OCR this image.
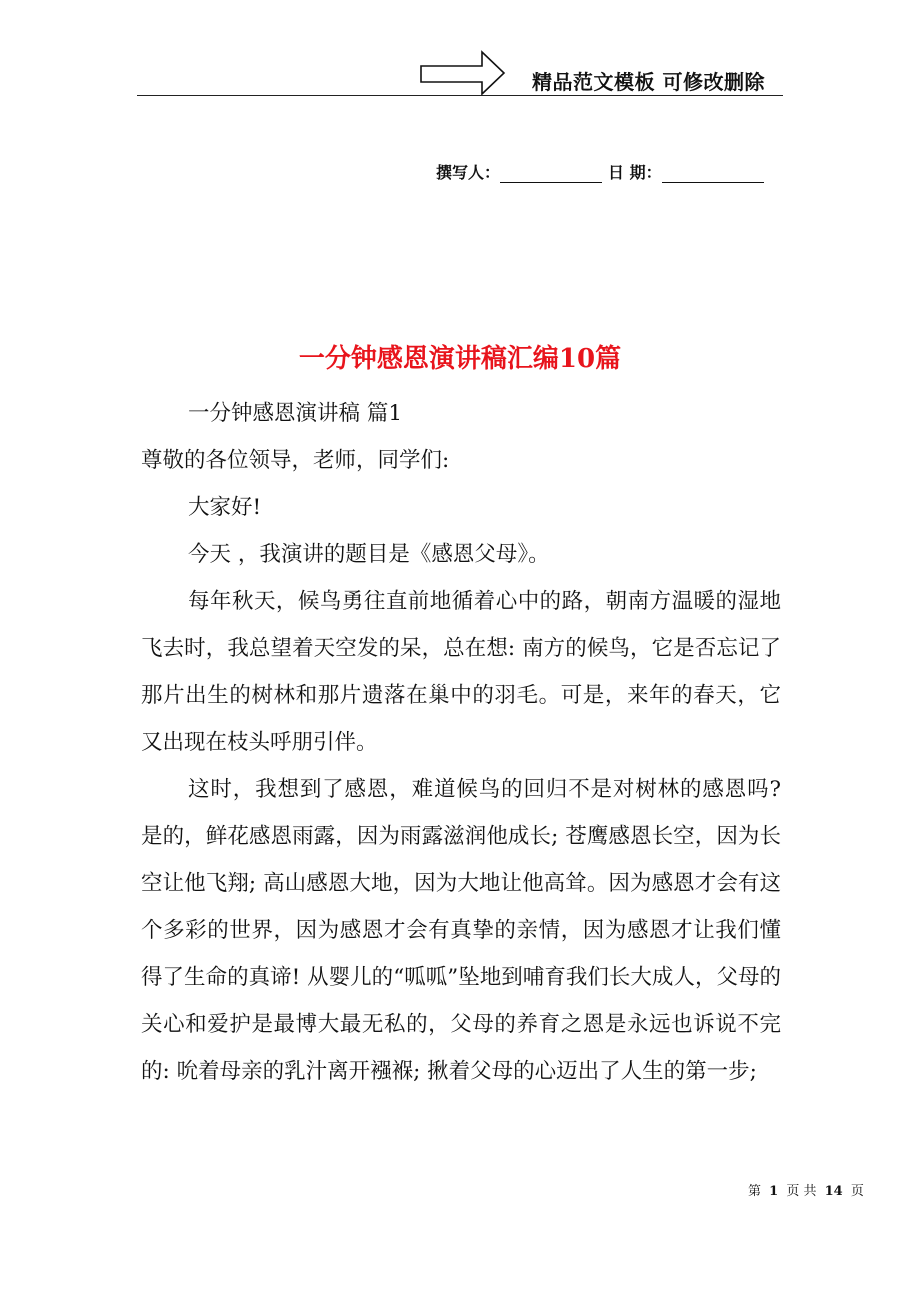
精品范文模板 可修改删除
撰写人：	日 期：
一分钟感恩演讲稿汇编10篇

一分钟感恩演讲稿 篇1

尊敬的各位领导，老师，同学们:

大家好!

今天 ，我演讲的题目是《感恩父母》。

每年秋天，候鸟勇往直前地循着心中的路，朝南方温暖的湿地飞去时，我总望着天空发的呆，总在想: 南方的候鸟，它是否忘记了那片出生的树林和那片遗落在巢中的羽毛。可是，来年的春天，它又出现在枝头呼朋引伴。

这时，我想到了感恩，难道候鸟的回归不是对树林的感恩吗? 是的，鲜花感恩雨露，因为雨露滋润他成长; 苍鹰感恩长空，因为长空让他飞翔; 高山感恩大地，因为大地让他高耸。因为感恩才会有这个多彩的世界，因为感恩才会有真挚的亲情，因为感恩才让我们懂得了生命的真谛! 从婴儿的“呱呱”坠地到哺育我们长大成人，父母的关心和爱护是最博大最无私的，父母的养育之恩是永远也诉说不完的: 吮着母亲的乳汁离开襁褓; 揪着父母的心迈出了人生的第一步;

第 1 页 共 14 页
